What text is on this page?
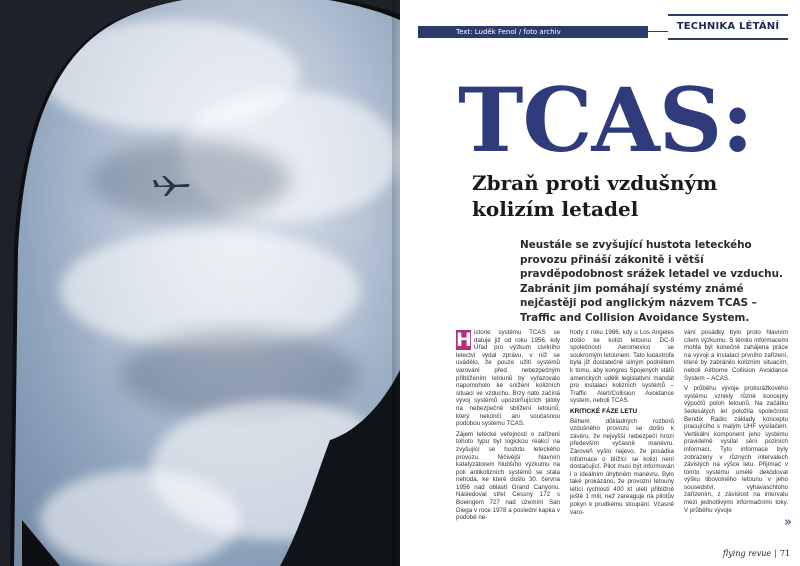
Text: Luděk Fenol / foto archiv	TECHNIKA LÉTÁNÍ
TCAS:
Zbraň proti vzdušným kolizím letadel
Neustále se zvyšující hustota leteckého provozu přináší zákonitě i větší pravděpodobnost srážek letadel ve vzduchu. Zabránit jim pomáhají systémy známé nejčastěji pod anglickým názvem TCAS – Traffic and Collision Avoidance System.

H istorie systému TCAS se datuje již od roku 1956, kdy Úřad pro výzkum civilního letectví vydal zprávu, v níž se uvádělo, že pouze užití systémů varování před nebezpečným přiblížením letounů by vyřazovalo napomoholo ke snížení kolizních situací ve vzduchu. Brzy nato začíná vývoj systémů upozorňujících piloty na nebezpečné sblížení letounů, který nekončí ani současnou podobou systému TCAS.

Zájem letecké veřejnosti o zařízení tohoto typu byl logickou reakcí na zvyšující se hustotu leteckého provozu. Ničivější hlavním katalyzátorem hlubšího výzkumu na poli antikolizních systémů se stala nehoda, ke které došlo 30. června 1956 nad oblastí Grand Canyonu. Následoval střet Cessny 172 s Boeingem 727 nad územím San Diega v roce 1978 a poslední kapka v podobě ne-

hody z roku 1986, kdy u Los Angeles došlo ke kolizi letounu DC-9 společnosti Aeromexico se soukromým letounem. Tato katastrofa byla již dostatečně silným podnětem k tomu, aby kongres Spojených států amerických udělil legislativní mandát pro instalaci kolizních systémů – Traffic Alert/Collision Avoidance system, neboli TCAS.

KRITICKÉ FÁZE LETU

Během důkladných rozborů vzdušného provozu se došlo k závěru, že nejvyšší nebezpečí hrozí především vyčasně manévru. Zároveň vyšlo najevo, že posádka informace o blížící se kolizi není dostačující. Pilot musí být informován i o ideálním úhybném manévru. Bylo také prokázáno, že provozní letouny letící rychlostí 400 kt uletí přibližně ještě 1 míli, než zareaguje na pilotův pokyn k prudkému stoupání. Včasné varo-

vání posádky bylo proto hlavním cílem výzkumu. S těmito informacemi mohla být konečně zahájena práce na vývoji a instalaci prvního zařízení, které by zabránilo kolizním situacím, neboli Airborne Collision Avoidance System – ACAS.

V průběhu vývoje protisrážkového systému vznikly různé koncepty výpočtů poloh letounů. Na začátku šedesátých let položila společnost Bendix Radio základy konceptu pracujícího s malým UHF vysílačem. Vertikální komponent jeho systému pravidelně vysílal sérii poziních informací. Tyto informace byly zobrazeny v různých intervalech závislých na výšce letu. Přijímač v tomto systému umělé dekódovat výšku libovolného letounu v jeho sousedství, vyhavaschtoho zařízením, z závislost na intervalu mezi jednotlivými informačními toky. V průběhu vývoje

»
flying revue | 71
